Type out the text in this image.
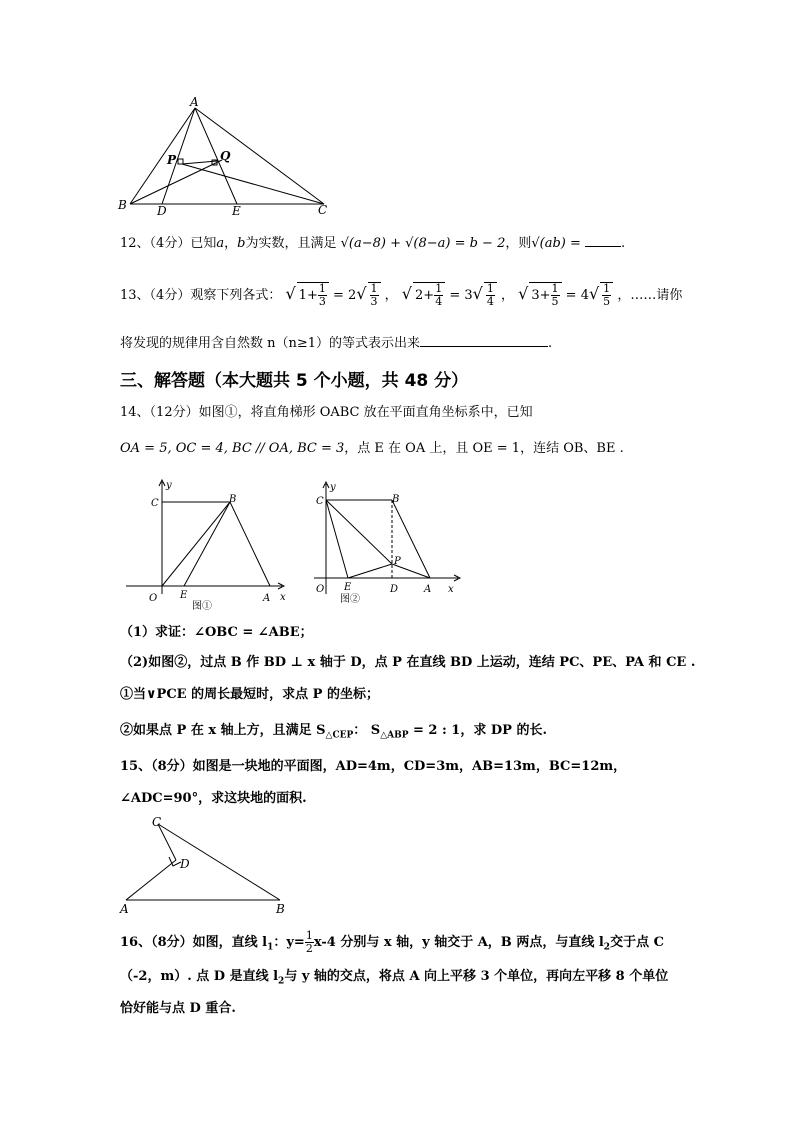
A
B	C
D	E
P	Q
12、（4分）已知a，b为实数，且满足 √(a−8) + √(8−a) = b − 2，则√(ab) =	.
13、（4分）观察下列各式： √ $1+ \frac{1}{3} = 2√ \frac{1}{3}$ ， √ $2+ \frac{1}{4} = 3√ \frac{1}{4}$ ， √ $3+ \frac{1}{5} = 4√ \frac{1}{5}$ ，……请你
将发现的规律用含自然数 n（n≥1）的等式表示出来	.
三、解答题（本大题共 5 个小题，共 48 分）
14、（12分）如图①，将直角梯形 OABC 放在平面直角坐标系中，已知
OA = 5, OC = 4, BC // OA, BC = 3，点 E 在 OA 上，且 OE = 1，连结 OB、BE .
y
C	B
O E	A x
图①
y
C	B
P
O E	D	A x
图②
（1）求证：∠OBC = ∠ABE；
（2)如图②，过点 B 作 BD ⊥ x 轴于 D，点 P 在直线 BD 上运动，连结 PC、PE、PA 和 CE .
①当∨PCE 的周长最短时，求点 P 的坐标；
②如果点 P 在 x 轴上方，且满足 $S_{\triangle CEP}$： $S_{\triangle ABP} = 2$ : 1，求 DP 的长.
15、（8分）如图是一块地的平面图，AD=4m，CD=3m，AB=13m，BC=12m，
∠ADC=90°，求这块地的面积.
C
D
A	B
16、（8分）如图，直线 $l_1$：$y= \frac{1}{2} x-4$ 分别与 x 轴，y 轴交于 A，B 两点，与直线 $l_2$交于点 C
（-2，m）. 点 D 是直线 $l_2$与 y 轴的交点，将点 A 向上平移 3 个单位，再向左平移 8 个单位
恰好能与点 D 重合.
